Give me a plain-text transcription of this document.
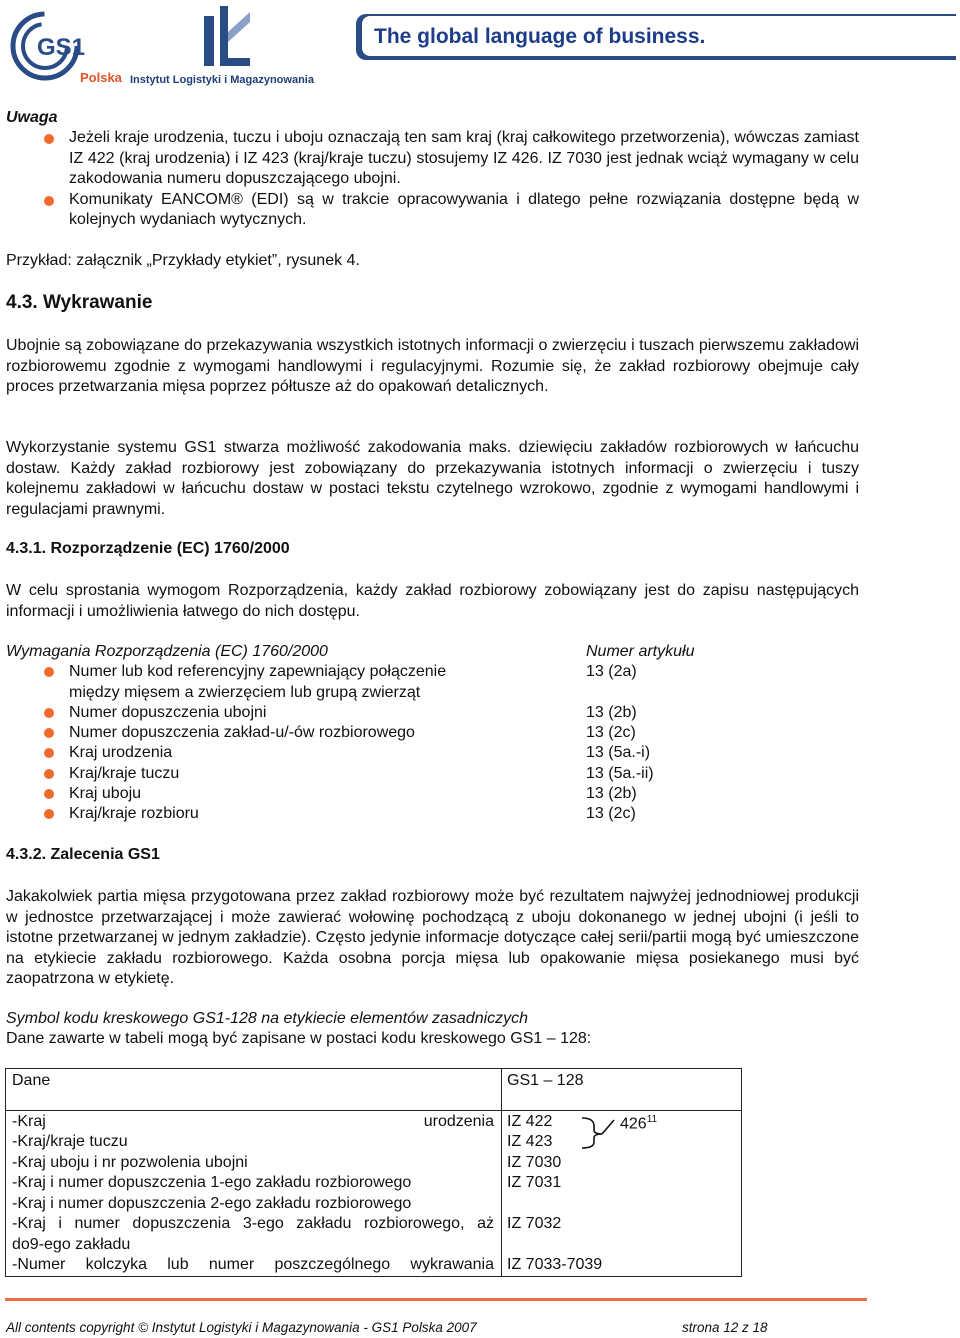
GS1
Polska Instytut Logistyki i Magazynowania
The global language of business.
Uwaga
Jeżeli kraje urodzenia, tuczu i uboju oznaczają ten sam kraj (kraj całkowitego przetworzenia), wówczas zamiast IZ 422 (kraj urodzenia) i IZ 423 (kraj/kraje tuczu) stosujemy IZ 426. IZ 7030 jest jednak wciąż wymagany w celu zakodowania numeru dopuszczającego ubojni.
Komunikaty EANCOM® (EDI) są w trakcie opracowywania i dlatego pełne rozwiązania dostępne będą w kolejnych wydaniach wytycznych.
Przykład: załącznik „Przykłady etykiet”, rysunek 4.
4.3. Wykrawanie
Ubojnie są zobowiązane do przekazywania wszystkich istotnych informacji o zwierzęciu i tuszach pierwszemu zakładowi rozbiorowemu zgodnie z wymogami handlowymi i regulacyjnymi. Rozumie się, że zakład rozbiorowy obejmuje cały proces przetwarzania mięsa poprzez półtusze aż do opakowań detalicznych.
Wykorzystanie systemu GS1 stwarza możliwość zakodowania maks. dziewięciu zakładów rozbiorowych w łańcuchu dostaw. Każdy zakład rozbiorowy jest zobowiązany do przekazywania istotnych informacji o zwierzęciu i tuszy kolejnemu zakładowi w łańcuchu dostaw w postaci tekstu czytelnego wzrokowo, zgodnie z wymogami handlowymi i regulacjami prawnymi.
4.3.1. Rozporządzenie (EC) 1760/2000
W celu sprostania wymogom Rozporządzenia, każdy zakład rozbiorowy zobowiązany jest do zapisu następujących informacji i umożliwienia łatwego do nich dostępu.
Wymagania Rozporządzenia (EC) 1760/2000	Numer artykułu
Numer lub kod referencyjny zapewniający połączenie	13 (2a)
między mięsem a zwierzęciem lub grupą zwierząt
Numer dopuszczenia ubojni	13 (2b)
Numer dopuszczenia zakład-u/-ów rozbiorowego	13 (2c)
Kraj urodzenia	13 (5a.-i)
Kraj/kraje tuczu	13 (5a.-ii)
Kraj uboju	13 (2b)
Kraj/kraje rozbioru	13 (2c)
4.3.2. Zalecenia GS1
Jakakolwiek partia mięsa przygotowana przez zakład rozbiorowy może być rezultatem najwyżej jednodniowej produkcji w jednostce przetwarzającej i może zawierać wołowinę pochodzącą z uboju dokonanego w jednej ubojni (i jeśli to istotne przetwarzanej w jednym zakładzie). Często jedynie informacje dotyczące całej serii/partii mogą być umieszczone na etykiecie zakładu rozbiorowego. Każda osobna porcja mięsa lub opakowanie mięsa posiekanego musi być zaopatrzona w etykietę.
Symbol kodu kreskowego GS1-128 na etykiecie elementów zasadniczych
Dane zawarte w tabeli mogą być zapisane w postaci kodu kreskowego GS1 – 128:
Dane	GS1 – 128
-Kraj urodzenia IZ 422
-Kraj/kraje tuczu	IZ 423
-Kraj uboju i nr pozwolenia ubojni	IZ 7030
-Kraj i numer dopuszczenia 1-ego zakładu rozbiorowego	IZ 7031
-Kraj i numer dopuszczenia 2-ego zakładu rozbiorowego
-Kraj i numer dopuszczenia 3-ego zakładu rozbiorowego, aż IZ 7032
do9-ego zakładu
-Numer kolczyka lub numer poszczególnego wykrawania IZ 7033-7039
$426^{11}$
All contents copyright © Instytut Logistyki i Magazynowania - GS1 Polska 2007	strona 12 z 18
